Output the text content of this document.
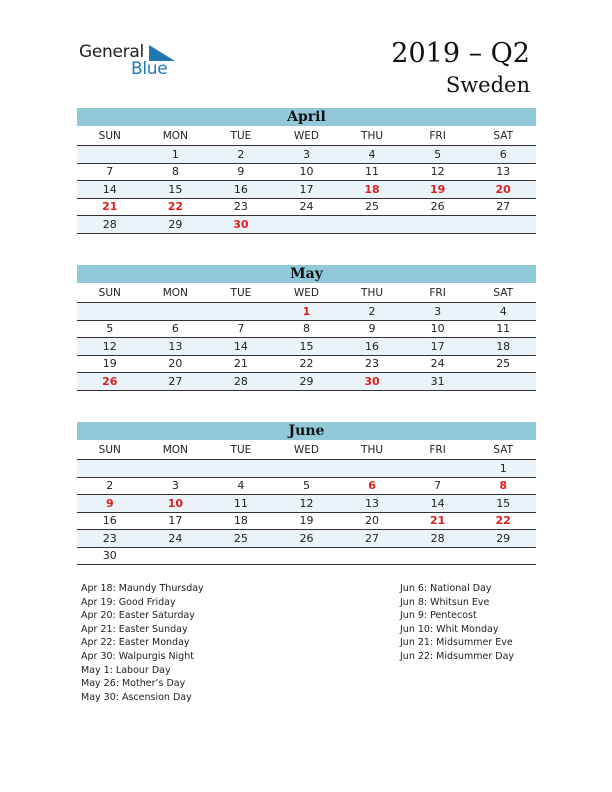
General
Blue	2019 – Q2
Sweden
April
SUN	MON	TUE	WED	THU	FRI	SAT
	1	2	3	4	5	6
7	8	9	10	11	12	13
14	15	16	17	18	19	20
21	22	23	24	25	26	27
28	29	30				
May
SUN	MON	TUE	WED	THU	FRI	SAT
			1	2	3	4
5	6	7	8	9	10	11
12	13	14	15	16	17	18
19	20	21	22	23	24	25
26	27	28	29	30	31	
June
SUN	MON	TUE	WED	THU	FRI	SAT
						1
2	3	4	5	6	7	8
9	10	11	12	13	14	15
16	17	18	19	20	21	22
23	24	25	26	27	28	29
30						
Apr 18: Maundy Thursday
Apr 19: Good Friday
Apr 20: Easter Saturday
Apr 21: Easter Sunday
Apr 22: Easter Monday
Apr 30: Walpurgis Night
May 1: Labour Day
May 26: Mother’s Day
May 30: Ascension Day
Jun 6: National Day
Jun 8: Whitsun Eve
Jun 9: Pentecost
Jun 10: Whit Monday
Jun 21: Midsummer Eve
Jun 22: Midsummer Day
